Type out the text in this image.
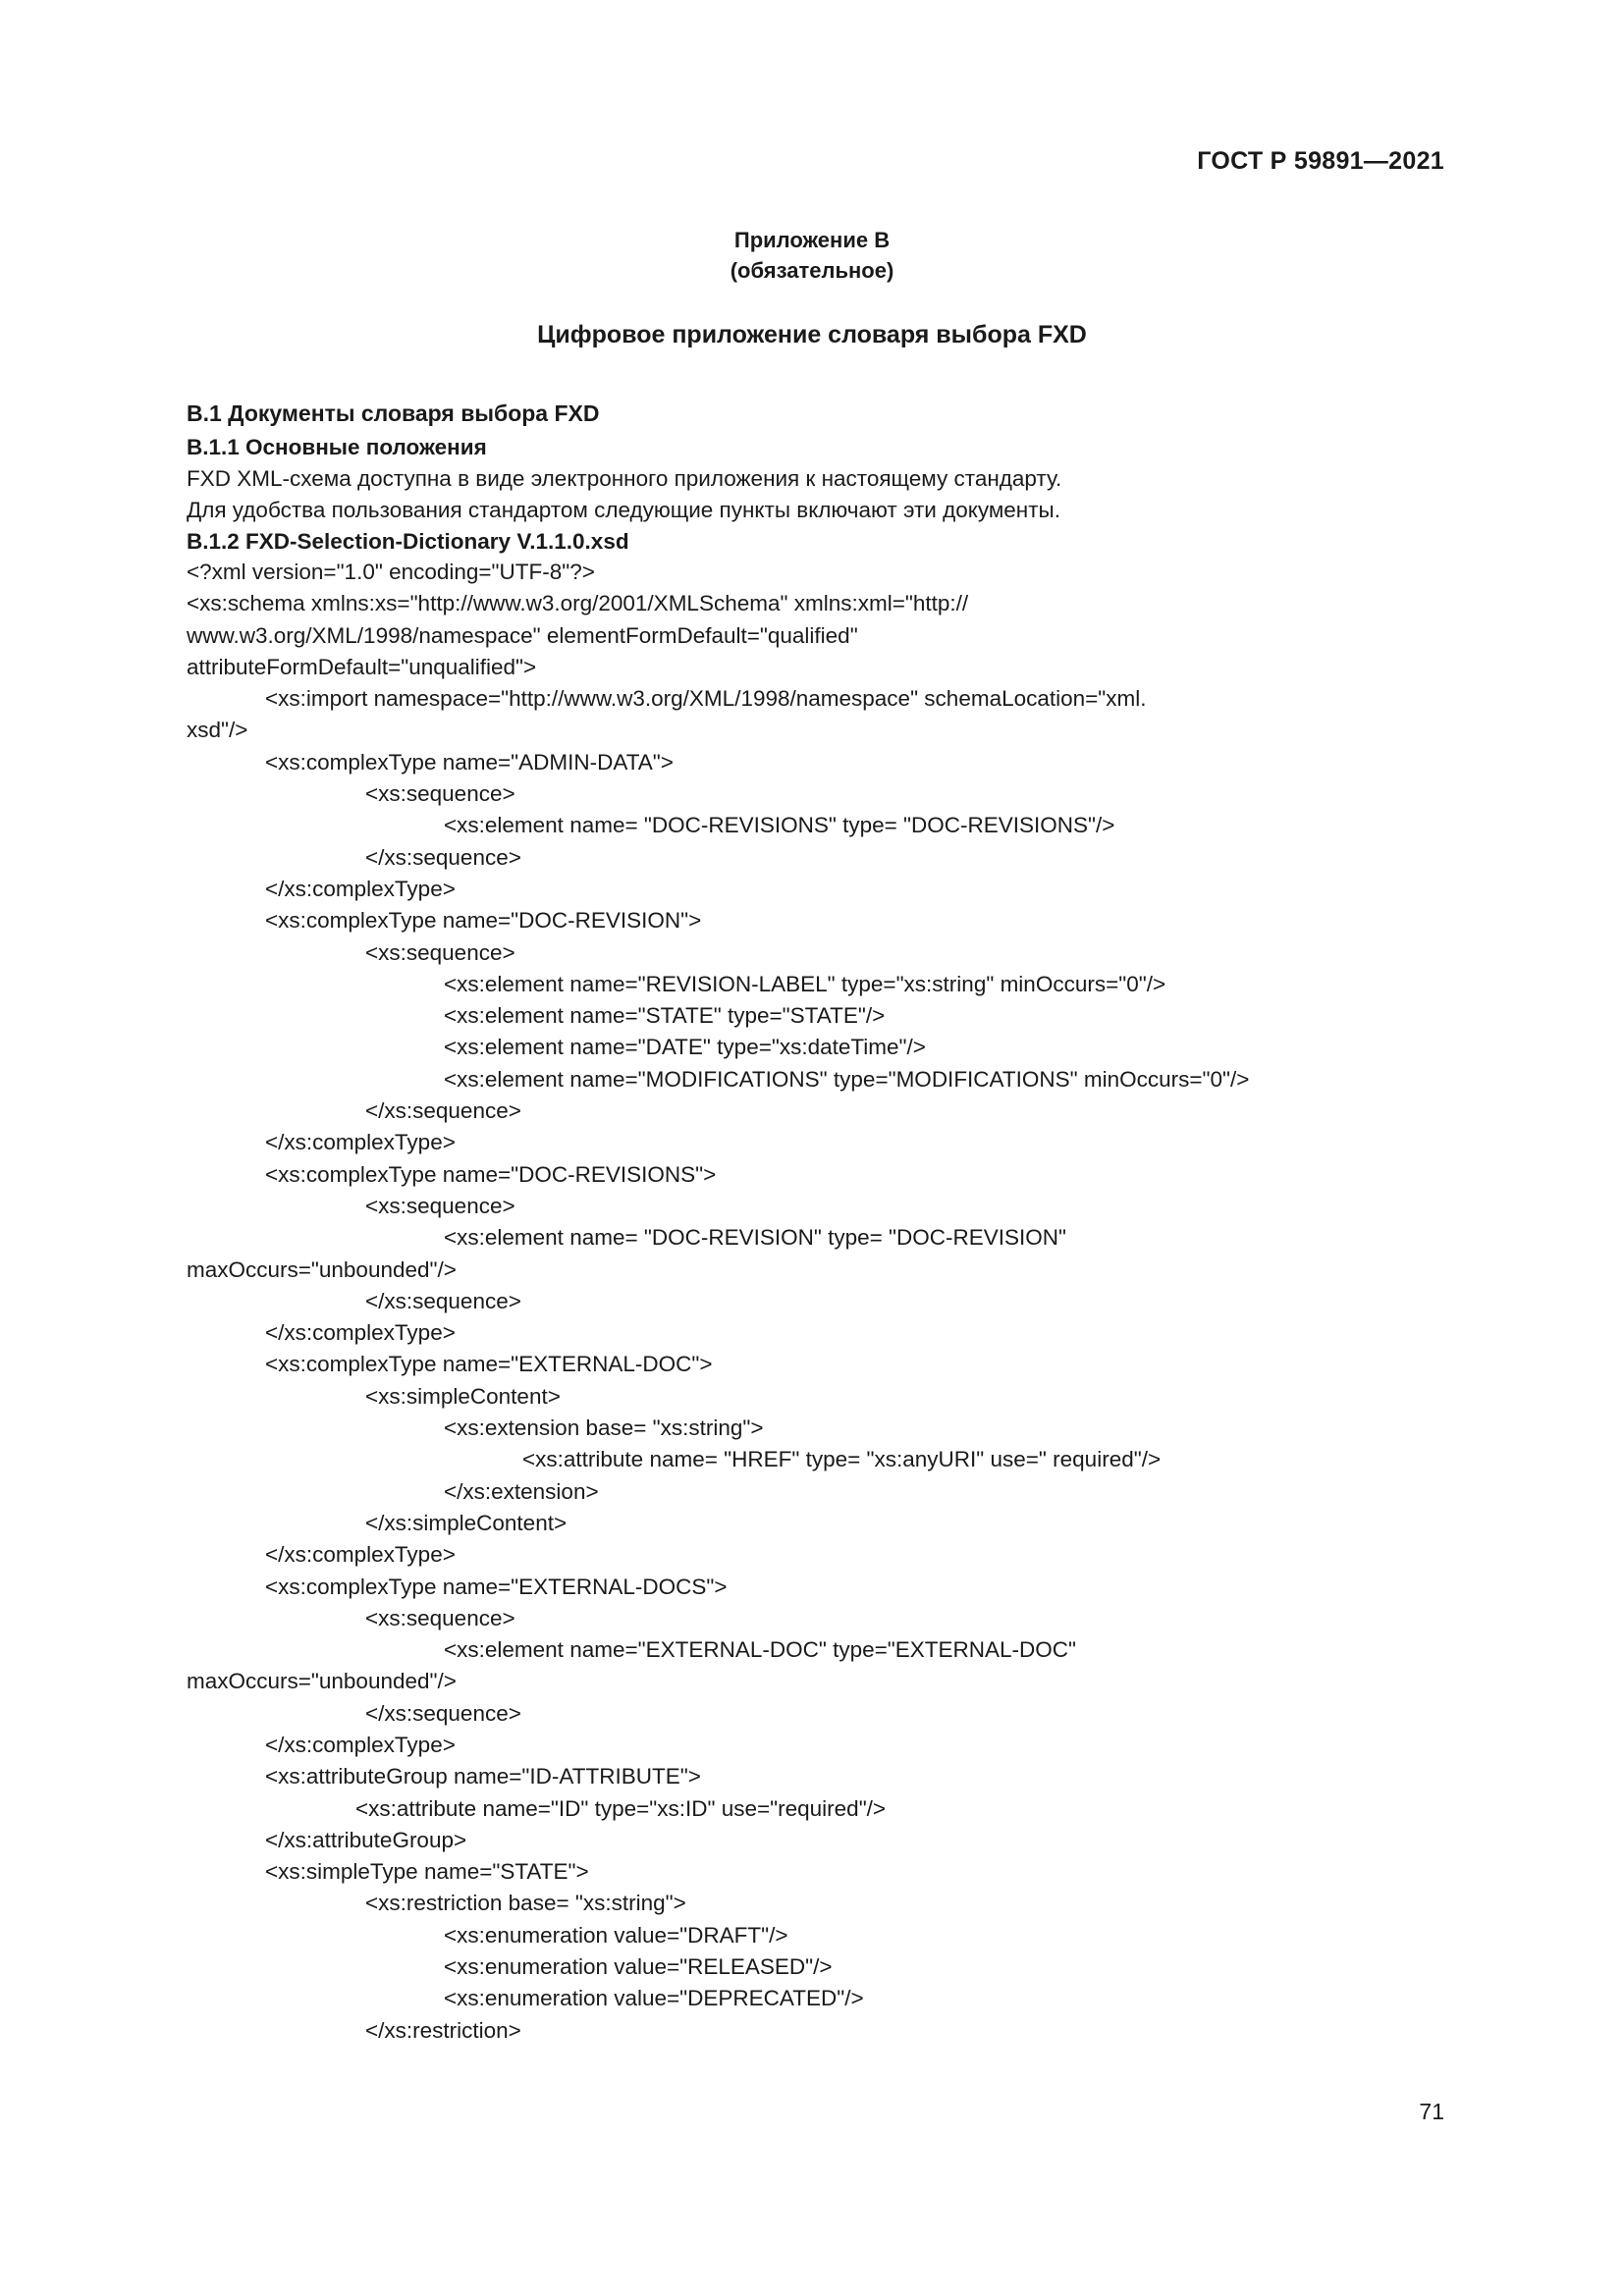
ГОСТ Р 59891—2021
Приложение В
(обязательное)
Цифровое приложение словаря выбора FXD
В.1 Документы словаря выбора FXD
В.1.1 Основные положения
FXD XML-схема доступна в виде электронного приложения к настоящему стандарту.
Для удобства пользования стандартом следующие пункты включают эти документы.
В.1.2 FXD-Selection-Dictionary V.1.1.0.xsd
<?xml version="1.0" encoding="UTF-8"?>
<xs:schema xmlns:xs="http://www.w3.org/2001/XMLSchema" xmlns:xml="http://
www.w3.org/XML/1998/namespace" elementFormDefault="qualified"
attributeFormDefault="unqualified">
<xs:import namespace="http://www.w3.org/XML/1998/namespace" schemaLocation="xml.
xsd"/>
<xs:complexType name="ADMIN-DATA">
<xs:sequence>
<xs:element name= "DOC-REVISIONS" type= "DOC-REVISIONS"/>
</xs:sequence>
</xs:complexType>
<xs:complexType name="DOC-REVISION">
<xs:sequence>
<xs:element name="REVISION-LABEL" type="xs:string" minOccurs="0"/>
<xs:element name="STATE" type="STATE"/>
<xs:element name="DATE" type="xs:dateTime"/>
<xs:element name="MODIFICATIONS" type="MODIFICATIONS" minOccurs="0"/>
</xs:sequence>
</xs:complexType>
<xs:complexType name="DOC-REVISIONS">
<xs:sequence>
<xs:element name= "DOC-REVISION" type= "DOC-REVISION"
maxOccurs="unbounded"/>
</xs:sequence>
</xs:complexType>
<xs:complexType name="EXTERNAL-DOC">
<xs:simpleContent>
<xs:extension base= "xs:string">
<xs:attribute name= "HREF" type= "xs:anyURI" use=" required"/>
</xs:extension>
</xs:simpleContent>
</xs:complexType>
<xs:complexType name="EXTERNAL-DOCS">
<xs:sequence>
<xs:element name="EXTERNAL-DOC" type="EXTERNAL-DOC"
maxOccurs="unbounded"/>
</xs:sequence>
</xs:complexType>
<xs:attributeGroup name="ID-ATTRIBUTE">
<xs:attribute name="ID" type="xs:ID" use="required"/>
</xs:attributeGroup>
<xs:simpleType name="STATE">
<xs:restriction base= "xs:string">
<xs:enumeration value="DRAFT"/>
<xs:enumeration value="RELEASED"/>
<xs:enumeration value="DEPRECATED"/>
</xs:restriction>
71
